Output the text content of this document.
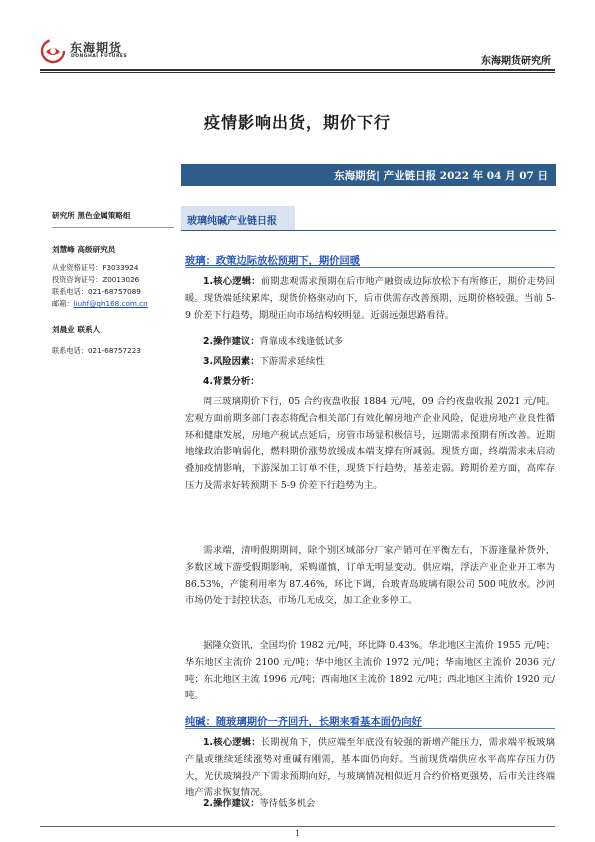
东海期货
DONGHAI FUTURES	东海期货研究所
疫情影响出货，期价下行
东海期货| 产业链日报 2022 年 04 月 07 日
研究所 黑色金属策略组
刘慧峰 高级研究员
从业资格证号：F3033924
投资咨询证号：Z0013026
联系电话：021-68757089
邮箱：liuhf@qh168.com.cn
刘晨业 联系人
联系电话：021-68757223
玻璃纯碱产业链日报
玻璃：政策边际放松预期下，期价回暖
1.核心逻辑：前期悲观需求预期在后市地产融资成边际放松下有所修正，期价走势回暖。现货端延续累库，现货价格驱动向下，后市供需存改善预期，远期价格较强。当前 5-9 价差下行趋势，期现正向市场结构较明显。近弱远强思路看待。
2.操作建议：背靠成本线逢低试多
3.风险因素：下游需求延续性
4.背景分析：
周三玻璃期价下行，05 合约夜盘收报 1884 元/吨，09 合约夜盘收报 2021 元/吨。宏观方面前期多部门表态将配合相关部门有效化解房地产企业风险，促进房地产业良性循环和健康发展，房地产税试点延后，房管市场显积极信号，远期需求预期有所改善。近期地缘政治影响弱化，燃料期价涨势放缓成本端支撑有所减弱。现货方面，终端需求未启动叠加疫情影响，下游深加工订单不佳，现货下行趋势，基差走弱。跨期价差方面，高库存压力及需求好转预期下 5-9 价差下行趋势为主。
需求端，清明假期期间，除个别区域部分厂家产销可在平衡左右，下游逢量补货外，多数区域下游受假期影响，采购谨慎，订单无明显变动。供应端，浮法产业企业开工率为 86.53%，产能利用率为 87.46%，环比下调，台玻青岛玻璃有限公司 500 吨放水。沙河市场仍处于封控状态，市场几无成交，加工企业多停工。
据隆众资讯，全国均价 1982 元/吨，环比降 0.43%。华北地区主流价 1955 元/吨；华东地区主流价 2100 元/吨；华中地区主流价 1972 元/吨；华南地区主流价 2036 元/吨；东北地区主流 1996 元/吨；西南地区主流价 1892 元/吨；西北地区主流价 1920 元/吨。
纯碱：随玻璃期价一齐回升，长期来看基本面仍向好
1.核心逻辑：长期视角下，供应端至年底没有较强的新增产能压力，需求端平板玻璃产量或继续延续涨势对重碱有刚需，基本面仍向好。当前现货端供应水平高库存压力仍大，光伏玻璃投产下需求预期向好，与玻璃情况相似近月合约价格更强势，后市关注终端地产需求恢复情况。
2.操作建议：等待低多机会
1
